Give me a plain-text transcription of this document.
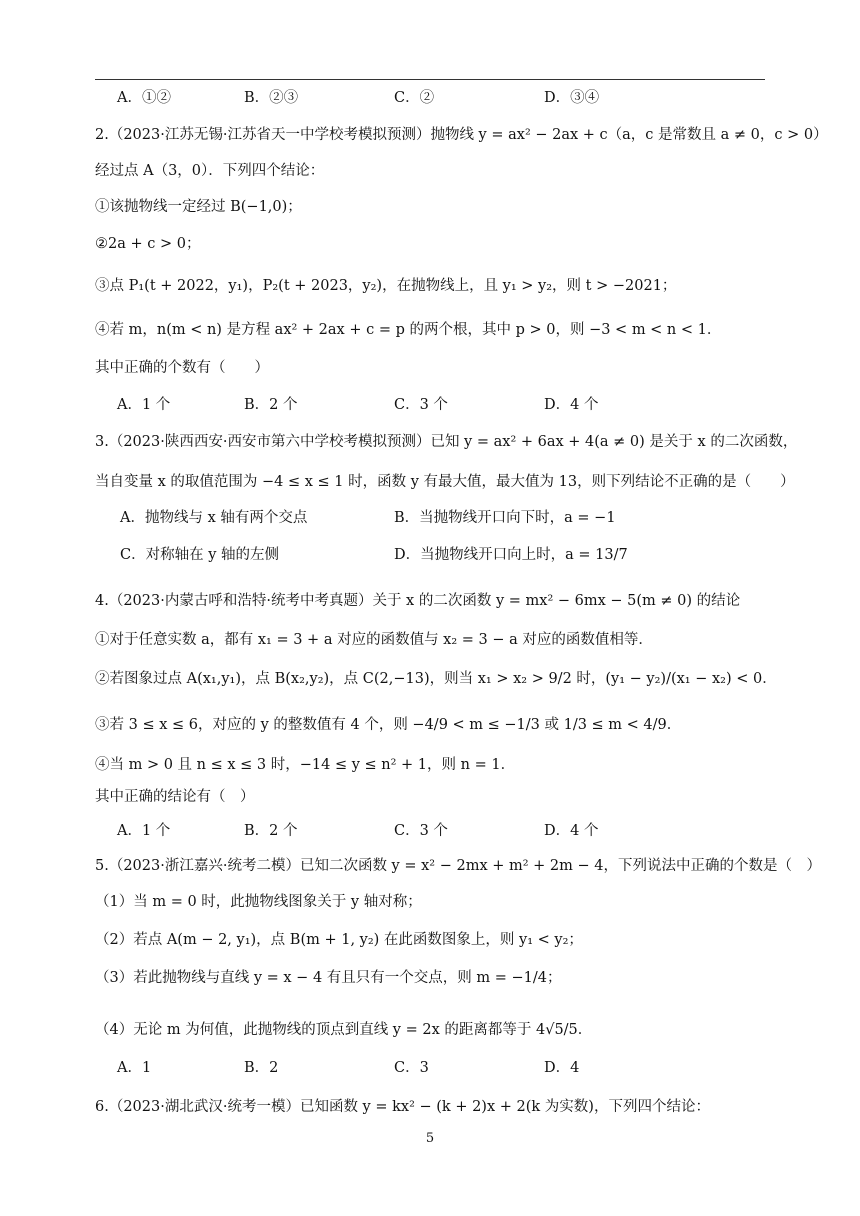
A．①②	B．②③	C．②	D．③④
2.（2023·江苏无锡·江苏省天一中学校考模拟预测）抛物线 y = ax² − 2ax + c（a，c 是常数且 a ≠ 0，c > 0）
经过点 A（3，0）．下列四个结论：
①该抛物线一定经过 B(−1,0)；
②2a + c > 0；
③点 P₁(t + 2022，y₁)，P₂(t + 2023，y₂)，在抛物线上，且 y₁ > y₂，则 t > −2021；
④若 m，n(m < n) 是方程 ax² + 2ax + c = p 的两个根，其中 p > 0，则 −3 < m < n < 1．
其中正确的个数有（　　）
A．1 个	B．2 个	C．3 个	D．4 个
3.（2023·陕西西安·西安市第六中学校考模拟预测）已知 y = ax² + 6ax + 4(a ≠ 0) 是关于 x 的二次函数，
当自变量 x 的取值范围为 −4 ≤ x ≤ 1 时，函数 y 有最大值，最大值为 13，则下列结论不正确的是（　　）
A．抛物线与 x 轴有两个交点	B．当抛物线开口向下时，a = −1
C．对称轴在 y 轴的左侧	D．当抛物线开口向上时，a = 13/7
4.（2023·内蒙古呼和浩特·统考中考真题）关于 x 的二次函数 y = mx² − 6mx − 5(m ≠ 0) 的结论
①对于任意实数 a，都有 x₁ = 3 + a 对应的函数值与 x₂ = 3 − a 对应的函数值相等．
②若图象过点 A(x₁,y₁)，点 B(x₂,y₂)，点 C(2,−13)，则当 x₁ > x₂ > 9/2 时，(y₁ − y₂)/(x₁ − x₂) < 0．
③若 3 ≤ x ≤ 6，对应的 y 的整数值有 4 个，则 −4/9 < m ≤ −1/3 或 1/3 ≤ m < 4/9．
④当 m > 0 且 n ≤ x ≤ 3 时，−14 ≤ y ≤ n² + 1，则 n = 1．
其中正确的结论有（　）
A．1 个	B．2 个	C．3 个	D．4 个
5.（2023·浙江嘉兴·统考二模）已知二次函数 y = x² − 2mx + m² + 2m − 4，下列说法中正确的个数是（　）
（1）当 m = 0 时，此抛物线图象关于 y 轴对称；
（2）若点 A(m − 2, y₁)，点 B(m + 1, y₂) 在此函数图象上，则 y₁ < y₂；
（3）若此抛物线与直线 y = x − 4 有且只有一个交点，则 m = −1/4；
（4）无论 m 为何值，此抛物线的顶点到直线 y = 2x 的距离都等于 4√5/5．
A．1	B．2	C．3	D．4
6.（2023·湖北武汉·统考一模）已知函数 y = kx² − (k + 2)x + 2(k 为实数)，下列四个结论：
5
